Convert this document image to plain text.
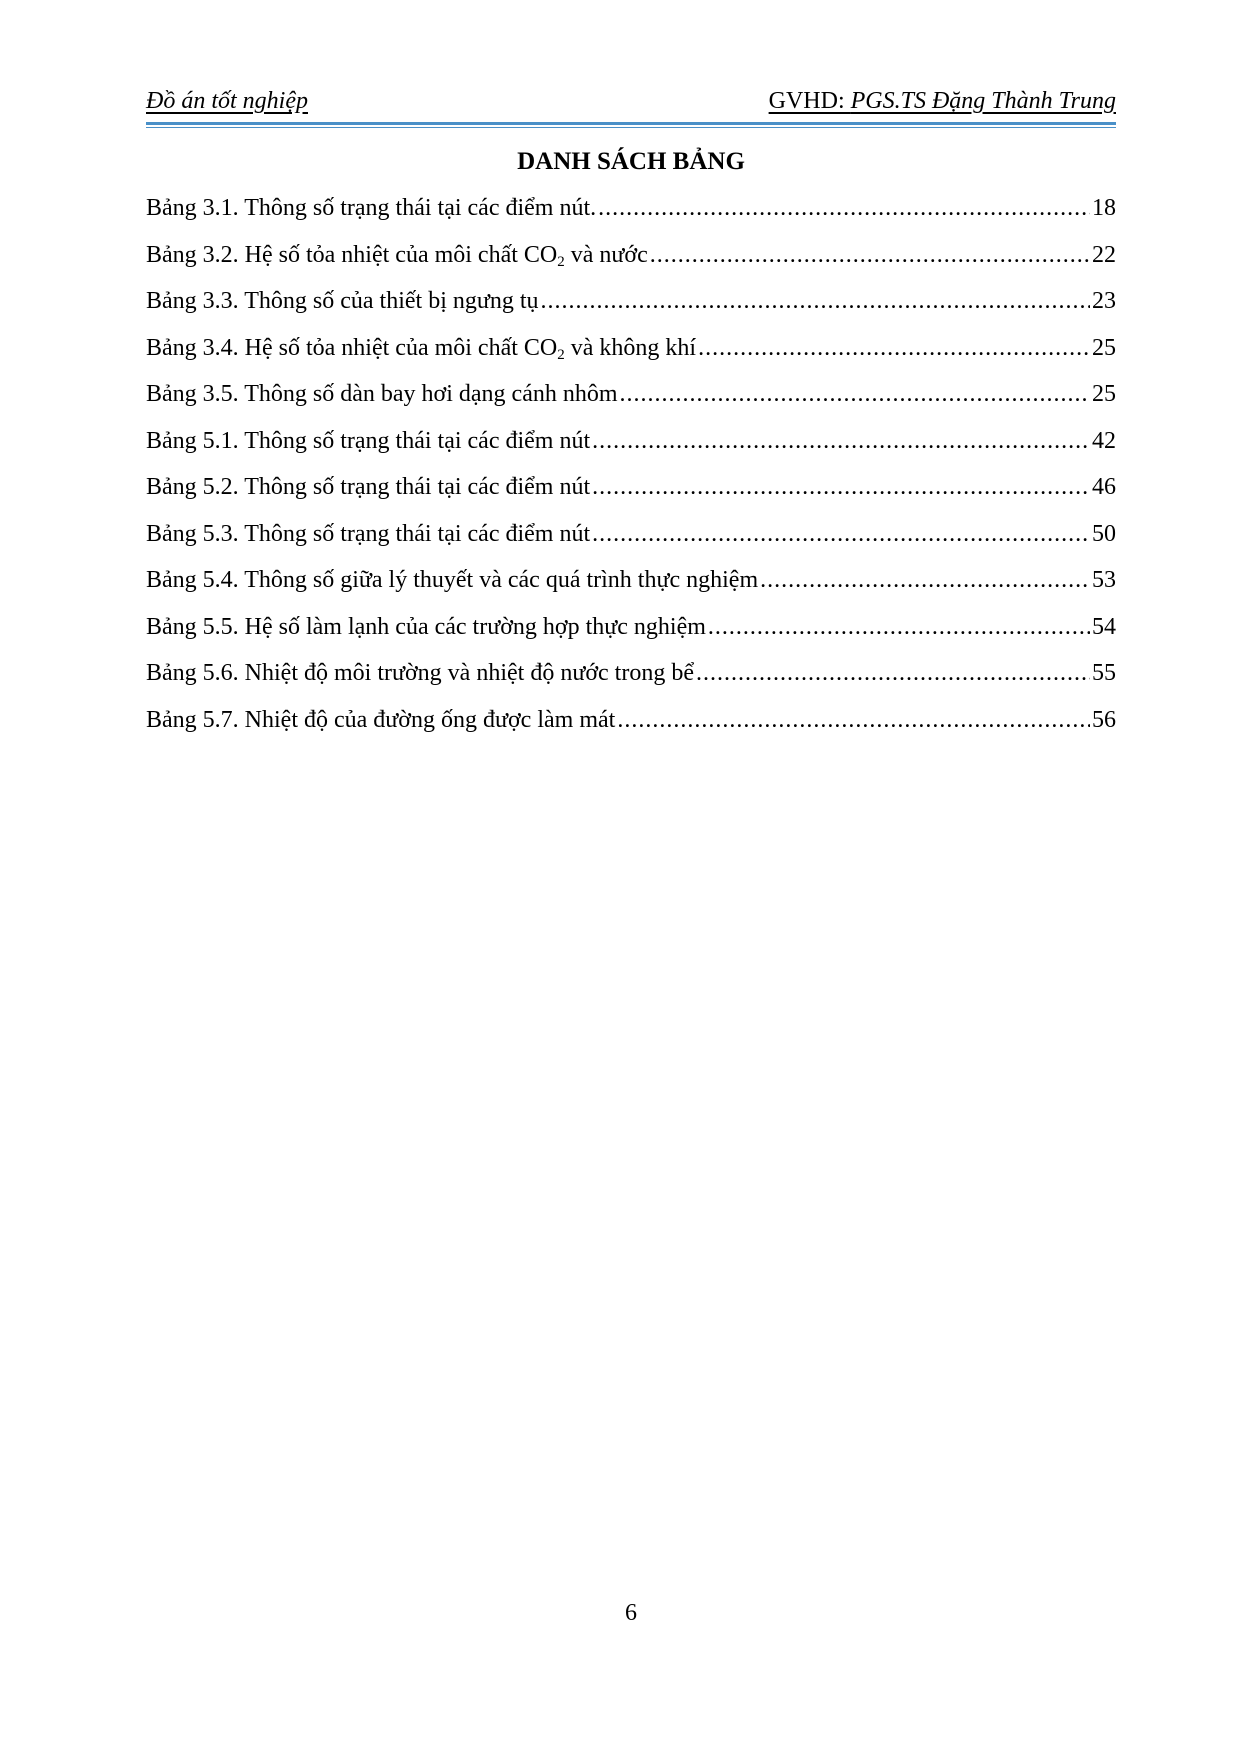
Đồ án tốt nghiệp	GVHD: PGS.TS Đặng Thành Trung
DANH SÁCH BẢNG
Bảng 3.1. Thông số trạng thái tại các điểm nút. .....	18
Bảng 3.2. Hệ số tỏa nhiệt của môi chất $CO_2$ và nước .....	22
Bảng 3.3. Thông số của thiết bị ngưng tụ .....	23
Bảng 3.4. Hệ số tỏa nhiệt của môi chất $CO_2$ và không khí .....	25
Bảng 3.5. Thông số dàn bay hơi dạng cánh nhôm .....	25
Bảng 5.1. Thông số trạng thái tại các điểm nút .....	42
Bảng 5.2. Thông số trạng thái tại các điểm nút .....	46
Bảng 5.3. Thông số trạng thái tại các điểm nút .....	50
Bảng 5.4. Thông số giữa lý thuyết và các quá trình thực nghiệm .....	53
Bảng 5.5. Hệ số làm lạnh của các trường hợp thực nghiệm .....	54
Bảng 5.6. Nhiệt độ môi trường và nhiệt độ nước trong bể .....	55
Bảng 5.7. Nhiệt độ của đường ống được làm mát .....	56
6
